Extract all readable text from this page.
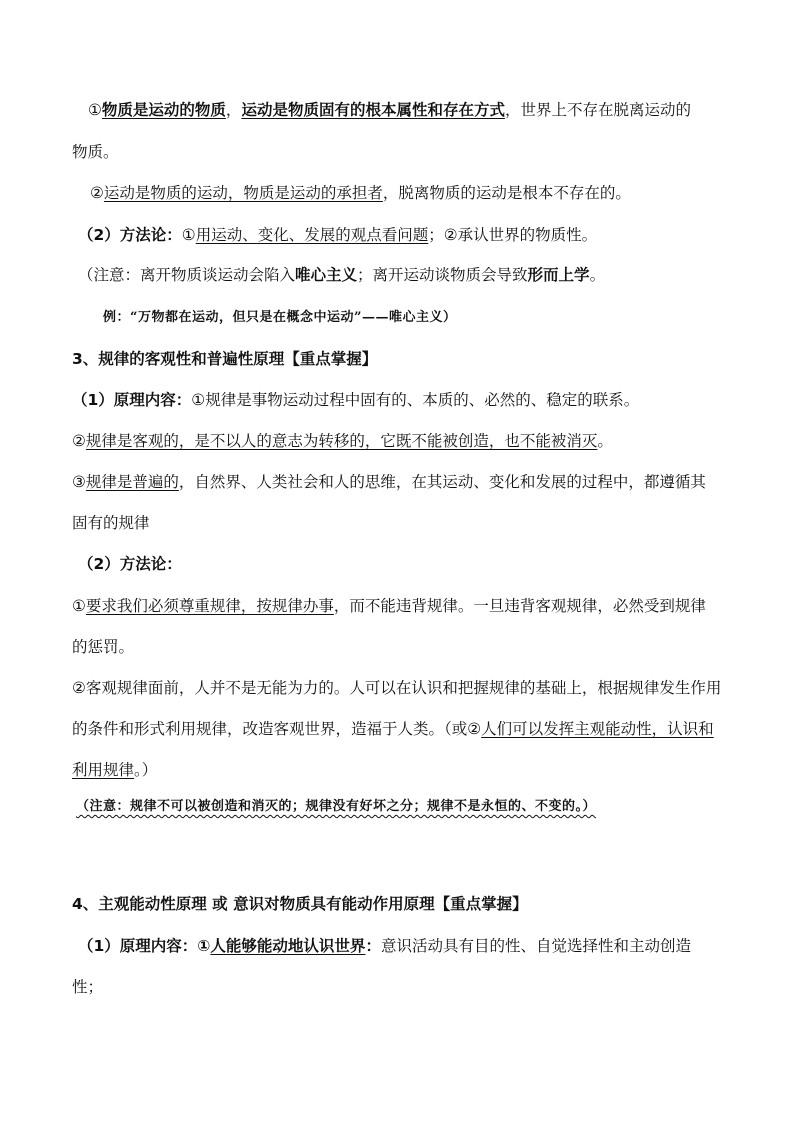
①物质是运动的物质，运动是物质固有的根本属性和存在方式，世界上不存在脱离运动的
物质。
②运动是物质的运动，物质是运动的承担者，脱离物质的运动是根本不存在的。
（2）方法论：①用运动、变化、发展的观点看问题；②承认世界的物质性。
（注意：离开物质谈运动会陷入唯心主义；离开运动谈物质会导致形而上学。
例：“万物都在运动，但只是在概念中运动”——唯心主义）
3、规律的客观性和普遍性原理【重点掌握】
（1）原理内容：①规律是事物运动过程中固有的、本质的、必然的、稳定的联系。
②规律是客观的，是不以人的意志为转移的，它既不能被创造，也不能被消灭。
③规律是普遍的，自然界、人类社会和人的思维，在其运动、变化和发展的过程中，都遵循其
固有的规律
（2）方法论：
①要求我们必须尊重规律，按规律办事，而不能违背规律。一旦违背客观规律，必然受到规律
的惩罚。
②客观规律面前，人并不是无能为力的。人可以在认识和把握规律的基础上，根据规律发生作用
的条件和形式利用规律，改造客观世界，造福于人类。（或②人们可以发挥主观能动性，认识和
利用规律。）
（注意：规律不可以被创造和消灭的；规律没有好坏之分；规律不是永恒的、不变的。）
4、主观能动性原理 或 意识对物质具有能动作用原理【重点掌握】
（1）原理内容：①人能够能动地认识世界：意识活动具有目的性、自觉选择性和主动创造
性；
